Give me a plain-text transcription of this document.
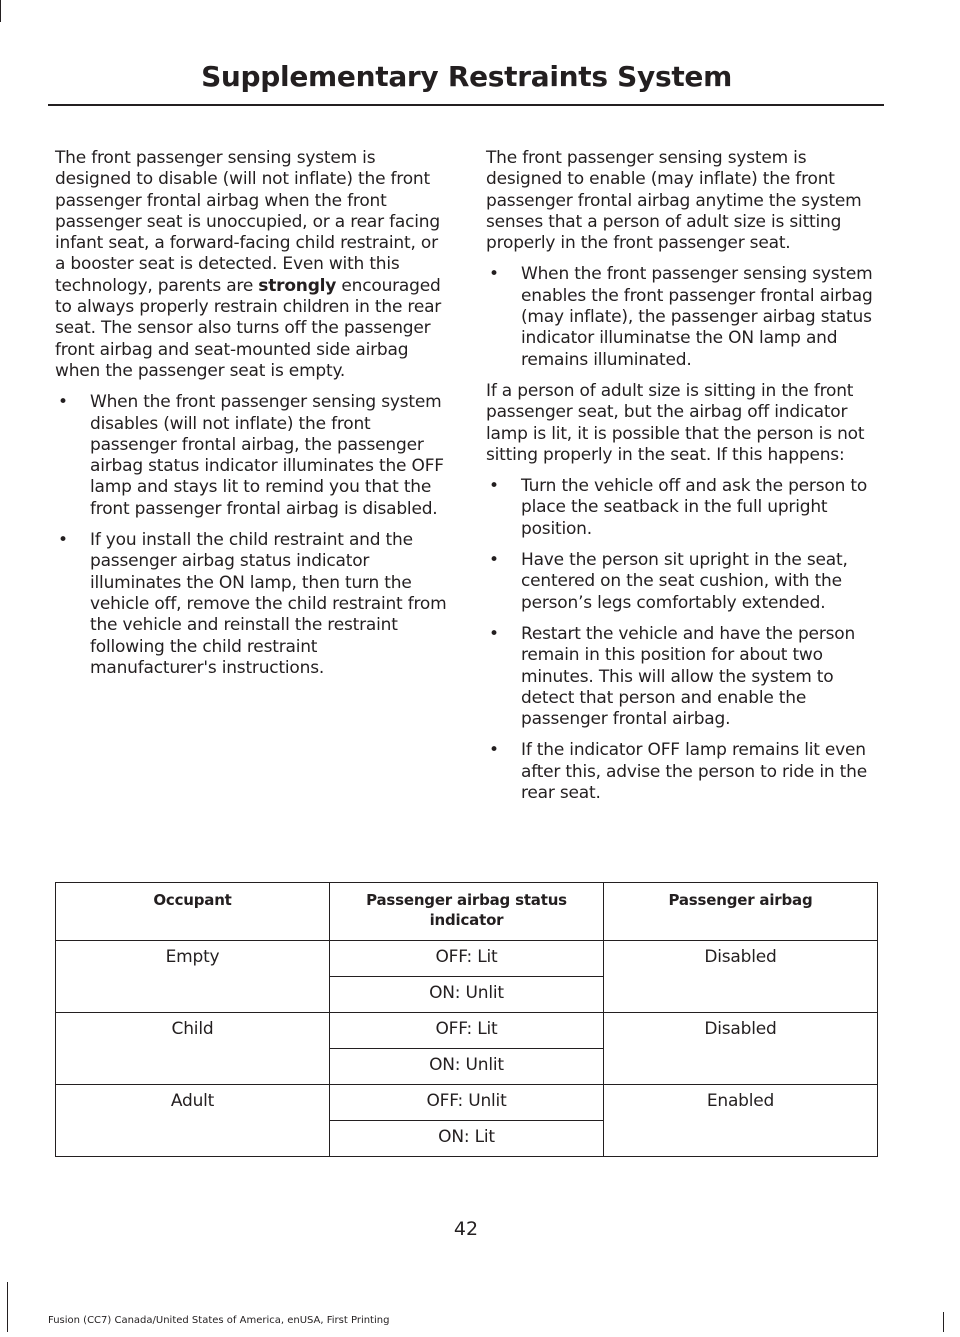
Supplementary Restraints System

The front passenger sensing system is designed to disable (will not inflate) the front passenger frontal airbag when the front passenger seat is unoccupied, or a rear facing infant seat, a forward-facing child restraint, or a booster seat is detected. Even with this technology, parents are strongly encouraged to always properly restrain children in the rear seat. The sensor also turns off the passenger front airbag and seat-mounted side airbag when the passenger seat is empty.

• When the front passenger sensing system disables (will not inflate) the front passenger frontal airbag, the passenger airbag status indicator illuminates the OFF lamp and stays lit to remind you that the front passenger frontal airbag is disabled.
• If you install the child restraint and the passenger airbag status indicator illuminates the ON lamp, then turn the vehicle off, remove the child restraint from the vehicle and reinstall the restraint following the child restraint manufacturer's instructions.

The front passenger sensing system is designed to enable (may inflate) the front passenger frontal airbag anytime the system senses that a person of adult size is sitting properly in the front passenger seat.

• When the front passenger sensing system enables the front passenger frontal airbag (may inflate), the passenger airbag status indicator illuminatse the ON lamp and remains illuminated.

If a person of adult size is sitting in the front passenger seat, but the airbag off indicator lamp is lit, it is possible that the person is not sitting properly in the seat. If this happens:

• Turn the vehicle off and ask the person to place the seatback in the full upright position.
• Have the person sit upright in the seat, centered on the seat cushion, with the person’s legs comfortably extended.
• Restart the vehicle and have the person remain in this position for about two minutes. This will allow the system to detect that person and enable the passenger frontal airbag.
• If the indicator OFF lamp remains lit even after this, advise the person to ride in the rear seat.
Occupant	Passenger airbag status indicator	Passenger airbag
Empty	OFF: Lit	Disabled
	ON: Unlit	
Child	OFF: Lit	Disabled
	ON: Unlit	
Adult	OFF: Unlit	Enabled
	ON: Lit	
42
Fusion (CC7) Canada/United States of America, enUSA, First Printing
